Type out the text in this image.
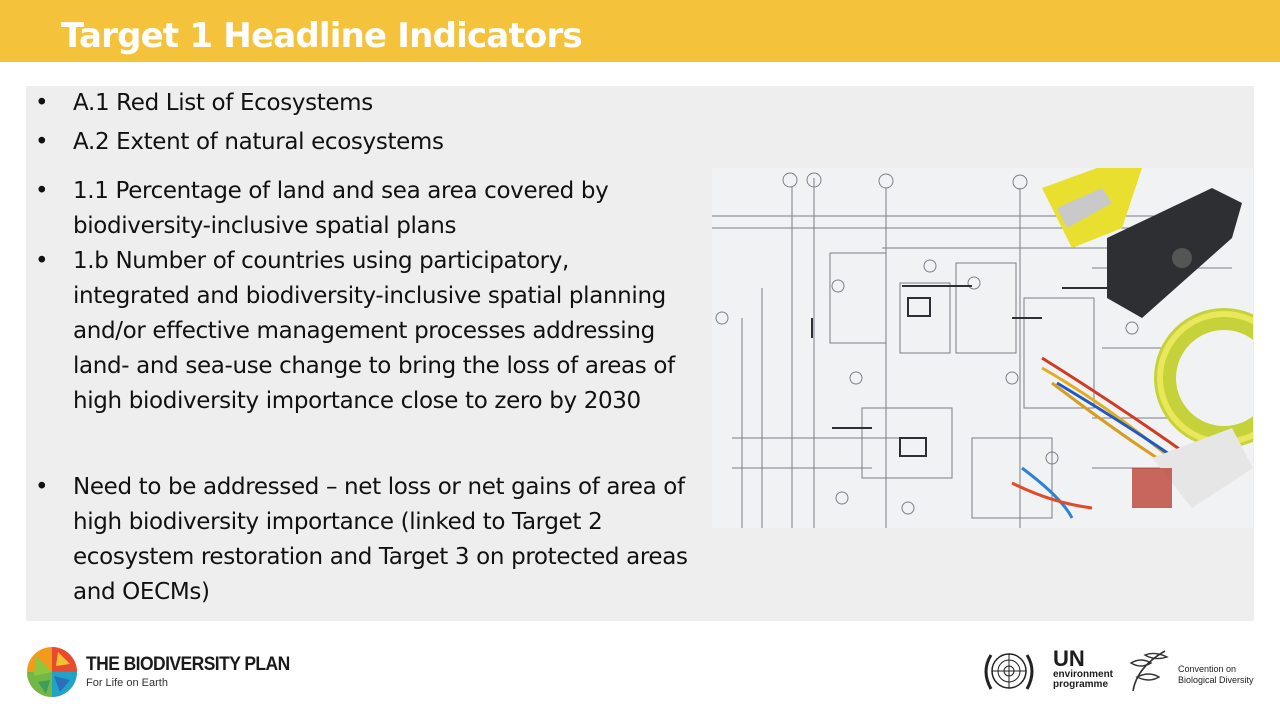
Target 1 Headline Indicators
• A.1 Red List of Ecosystems
• A.2 Extent of natural ecosystems
• 1.1 Percentage of land and sea area covered by biodiversity-inclusive spatial plans
• 1.b Number of countries using participatory, integrated and biodiversity-inclusive spatial planning and/or effective management processes addressing land- and sea-use change to bring the loss of areas of high biodiversity importance close to zero by 2030
• Need to be addressed – net loss or net gains of area of high biodiversity importance (linked to Target 2 ecosystem restoration and Target 3 on protected areas and OECMs)
THE BIODIVERSITY PLAN
For Life on Earth
UN
environment
programme
Convention on
Biological Diversity
